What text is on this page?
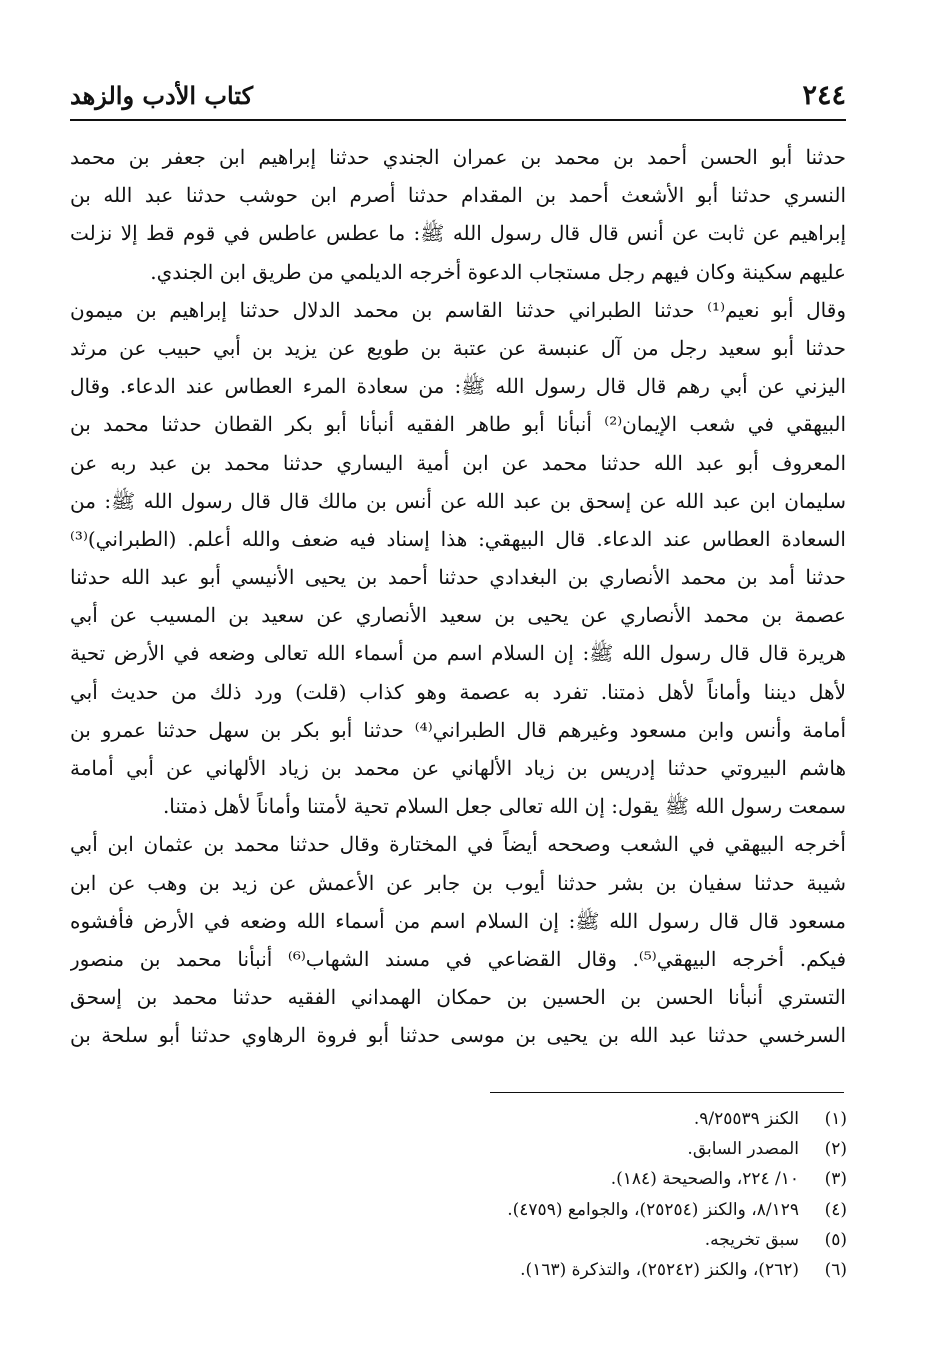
٢٤٤
كتاب الأدب والزهد
حدثنا أبو الحسن أحمد بن محمد بن عمران الجندي حدثنا إبراهيم ابن جعفر بن محمد
النسري حدثنا أبو الأشعث أحمد بن المقدام حدثنا أصرم ابن حوشب حدثنا عبد الله بن
إبراهيم عن ثابت عن أنس قال قال رسول الله ﷺ: ما عطس عاطس في قوم قط إلا نزلت
عليهم سكينة وكان فيهم رجل مستجاب الدعوة أخرجه الديلمي من طريق ابن الجندي.
وقال أبو نعيم⁽¹⁾ حدثنا الطبراني حدثنا القاسم بن محمد الدلال حدثنا إبراهيم بن ميمون
حدثنا أبو سعيد رجل من آل عنبسة عن عتبة بن طويع عن يزيد بن أبي حبيب عن مرثد
اليزني عن أبي رهم قال قال رسول الله ﷺ: من سعادة المرء العطاس عند الدعاء. وقال
البيهقي في شعب الإيمان⁽²⁾ أنبأنا أبو طاهر الفقيه أنبأنا أبو بكر القطان حدثنا محمد بن
المعروف أبو عبد الله حدثنا محمد عن ابن أمية اليساري حدثنا محمد بن عبد ربه عن
سليمان ابن عبد الله عن إسحق بن عبد الله عن أنس بن مالك قال قال رسول الله ﷺ: من
السعادة العطاس عند الدعاء. قال البيهقي: هذا إسناد فيه ضعف والله أعلم. (الطبراني)⁽³⁾
حدثنا أمد بن محمد الأنصاري بن البغدادي حدثنا أحمد بن يحيى الأنيسي أبو عبد الله حدثنا
عصمة بن محمد الأنصاري عن يحيى بن سعيد الأنصاري عن سعيد بن المسيب عن أبي
هريرة قال قال رسول الله ﷺ: إن السلام اسم من أسماء الله تعالى وضعه في الأرض تحية
لأهل ديننا وأماناً لأهل ذمتنا. تفرد به عصمة وهو كذاب (قلت) ورد ذلك من حديث أبي
أمامة وأنس وابن مسعود وغيرهم قال الطبراني⁽⁴⁾ حدثنا أبو بكر بن سهل حدثنا عمرو بن
هاشم البيروتي حدثنا إدريس بن زياد الألهاني عن محمد بن زياد الألهاني عن أبي أمامة
سمعت رسول الله ﷺ يقول: إن الله تعالى جعل السلام تحية لأمتنا وأماناً لأهل ذمتنا.
أخرجه البيهقي في الشعب وصححه أيضاً في المختارة وقال حدثنا محمد بن عثمان ابن أبي
شيبة حدثنا سفيان بن بشر حدثنا أيوب بن جابر عن الأعمش عن زيد بن وهب عن ابن
مسعود قال قال رسول الله ﷺ: إن السلام اسم من أسماء الله وضعه في الأرض فأفشوه
فيكم. أخرجه البيهقي⁽⁵⁾. وقال القضاعي في مسند الشهاب⁽⁶⁾ أنبأنا محمد بن منصور
التستري أنبأنا الحسن بن الحسين بن حمكان الهمداني الفقيه حدثنا محمد بن إسحق
السرخسي حدثنا عبد الله بن يحيى بن موسى حدثنا أبو فروة الرهاوي حدثنا أبو سلحة بن
(١)
الكنز ٩/٢٥٥٣٩.
(٢)
المصدر السابق.
(٣)
١٠/ ٢٢٤، والصحيحة (١٨٤).
(٤)
٨/١٢٩، والكنز (٢٥٢٥٤)، والجوامع (٤٧٥٩).
(٥)
سبق تخريجه.
(٦)
(٢٦٢)، والكنز (٢٥٢٤٢)، والتذكرة (١٦٣).
